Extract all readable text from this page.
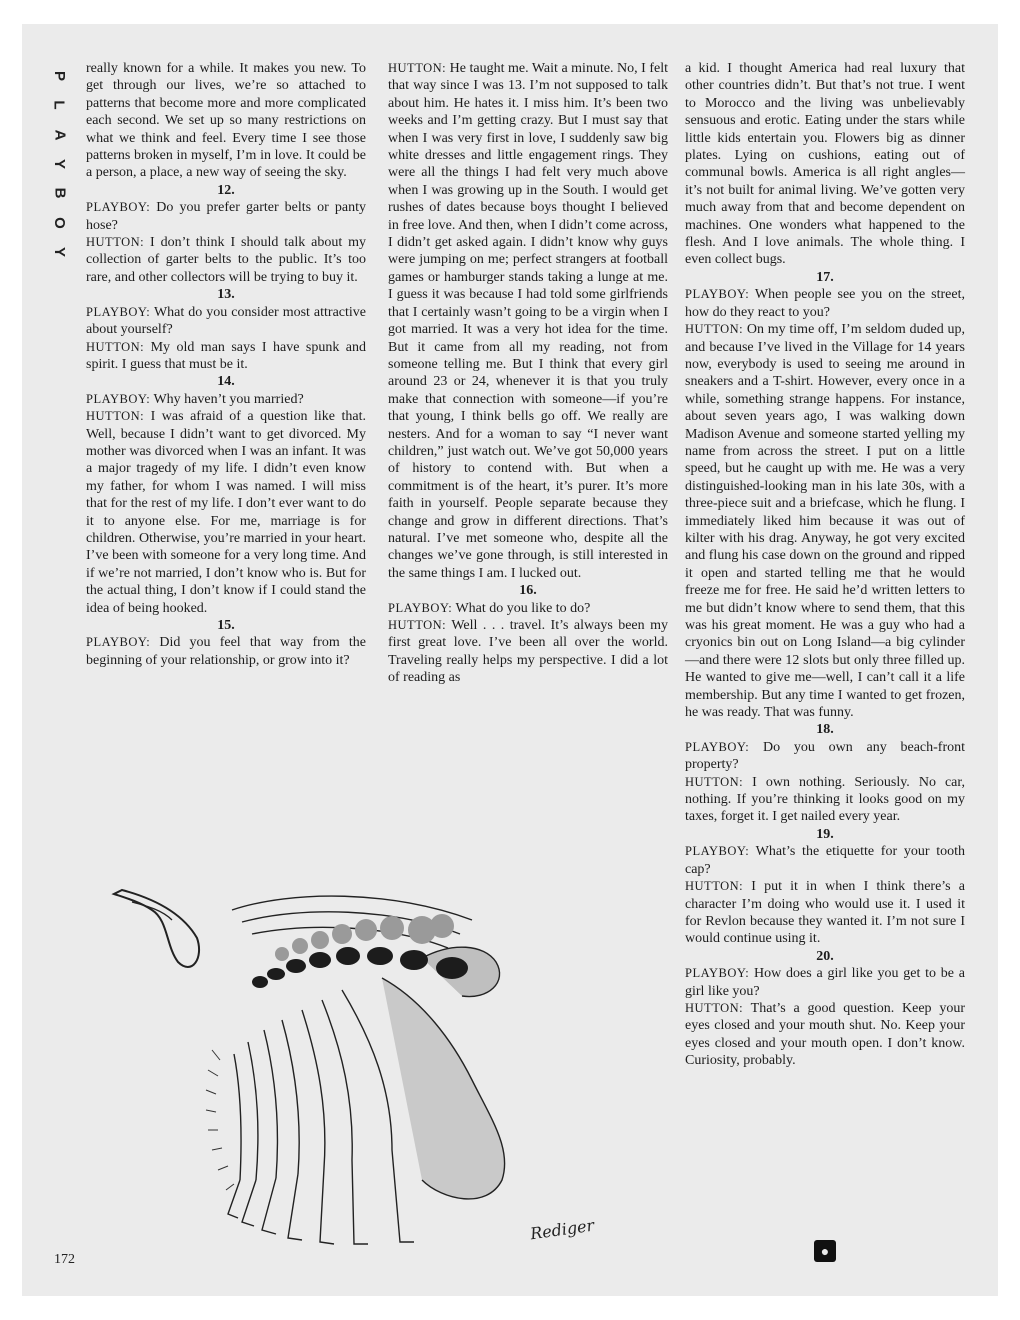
P
L
A
Y
B
O
Y

really known for a while. It makes you new. To get through our lives, we’re so attached to patterns that become more and more complicated each second. We set up so many restrictions on what we think and feel. Every time I see those patterns broken in myself, I’m in love. It could be a person, a place, a new way of seeing the sky.

12.

PLAYBOY: Do you prefer garter belts or panty hose?

HUTTON: I don’t think I should talk about my collection of garter belts to the public. It’s too rare, and other collectors will be trying to buy it.

13.

PLAYBOY: What do you consider most attractive about yourself?

HUTTON: My old man says I have spunk and spirit. I guess that must be it.

14.

PLAYBOY: Why haven’t you married?

HUTTON: I was afraid of a question like that. Well, because I didn’t want to get divorced. My mother was divorced when I was an infant. It was a major tragedy of my life. I didn’t even know my father, for whom I was named. I will miss that for the rest of my life. I don’t ever want to do it to anyone else. For me, marriage is for children. Otherwise, you’re married in your heart. I’ve been with someone for a very long time. And if we’re not married, I don’t know who is. But for the actual thing, I don’t know if I could stand the idea of being hooked.

15.

PLAYBOY: Did you feel that way from the beginning of your relationship, or grow into it?

HUTTON: He taught me. Wait a minute. No, I felt that way since I was 13. I’m not supposed to talk about him. He hates it. I miss him. It’s been two weeks and I’m getting crazy. But I must say that when I was very first in love, I suddenly saw big white dresses and little engagement rings. They were all the things I had felt very much above when I was growing up in the South. I would get rushes of dates because boys thought I believed in free love. And then, when I didn’t come across, I didn’t get asked again. I didn’t know why guys were jumping on me; perfect strangers at football games or hamburger stands taking a lunge at me. I guess it was because I had told some girlfriends that I certainly wasn’t going to be a virgin when I got married. It was a very hot idea for the time. But it came from all my reading, not from someone telling me. But I think that every girl around 23 or 24, whenever it is that you truly make that connection with someone—if you’re that young, I think bells go off. We really are nesters. And for a woman to say “I never want children,” just watch out. We’ve got 50,000 years of history to contend with. But when a commitment is of the heart, it’s purer. It’s more faith in yourself. People separate because they change and grow in different directions. That’s natural. I’ve met someone who, despite all the changes we’ve gone through, is still interested in the same things I am. I lucked out.

16.

PLAYBOY: What do you like to do?

HUTTON: Well . . . travel. It’s always been my first great love. I’ve been all over the world. Traveling really helps my perspective. I did a lot of reading as

a kid. I thought America had real luxury that other countries didn’t. But that’s not true. I went to Morocco and the living was unbelievably sensuous and erotic. Eating under the stars while little kids entertain you. Flowers big as dinner plates. Lying on cushions, eating out of communal bowls. America is all right angles—it’s not built for animal living. We’ve gotten very much away from that and become dependent on machines. One wonders what happened to the flesh. And I love animals. The whole thing. I even collect bugs.

17.

PLAYBOY: When people see you on the street, how do they react to you?

HUTTON: On my time off, I’m seldom duded up, and because I’ve lived in the Village for 14 years now, everybody is used to seeing me around in sneakers and a T-shirt. However, every once in a while, something strange happens. For instance, about seven years ago, I was walking down Madison Avenue and someone started yelling my name from across the street. I put on a little speed, but he caught up with me. He was a very distinguished-looking man in his late 30s, with a three-piece suit and a briefcase, which he flung. I immediately liked him because it was out of kilter with his drag. Anyway, he got very excited and flung his case down on the ground and ripped it open and started telling me that he would freeze me for free. He said he’d written letters to me but didn’t know where to send them, that this was his great moment. He was a guy who had a cryonics bin out on Long Island—a big cylinder—and there were 12 slots but only three filled up. He wanted to give me—well, I can’t call it a life membership. But any time I wanted to get frozen, he was ready. That was funny.

18.

PLAYBOY: Do you own any beach-front property?

HUTTON: I own nothing. Seriously. No car, nothing. If you’re thinking it looks good on my taxes, forget it. I get nailed every year.

19.

PLAYBOY: What’s the etiquette for your tooth cap?

HUTTON: I put it in when I think there’s a character I’m doing who would use it. I used it for Revlon because they wanted it. I’m not sure I would continue using it.

20.

PLAYBOY: How does a girl like you get to be a girl like you?

HUTTON: That’s a good question. Keep your eyes closed and your mouth shut. No. Keep your eyes closed and your mouth open. I don’t know. Curiosity, probably.

Rediger
●
172
